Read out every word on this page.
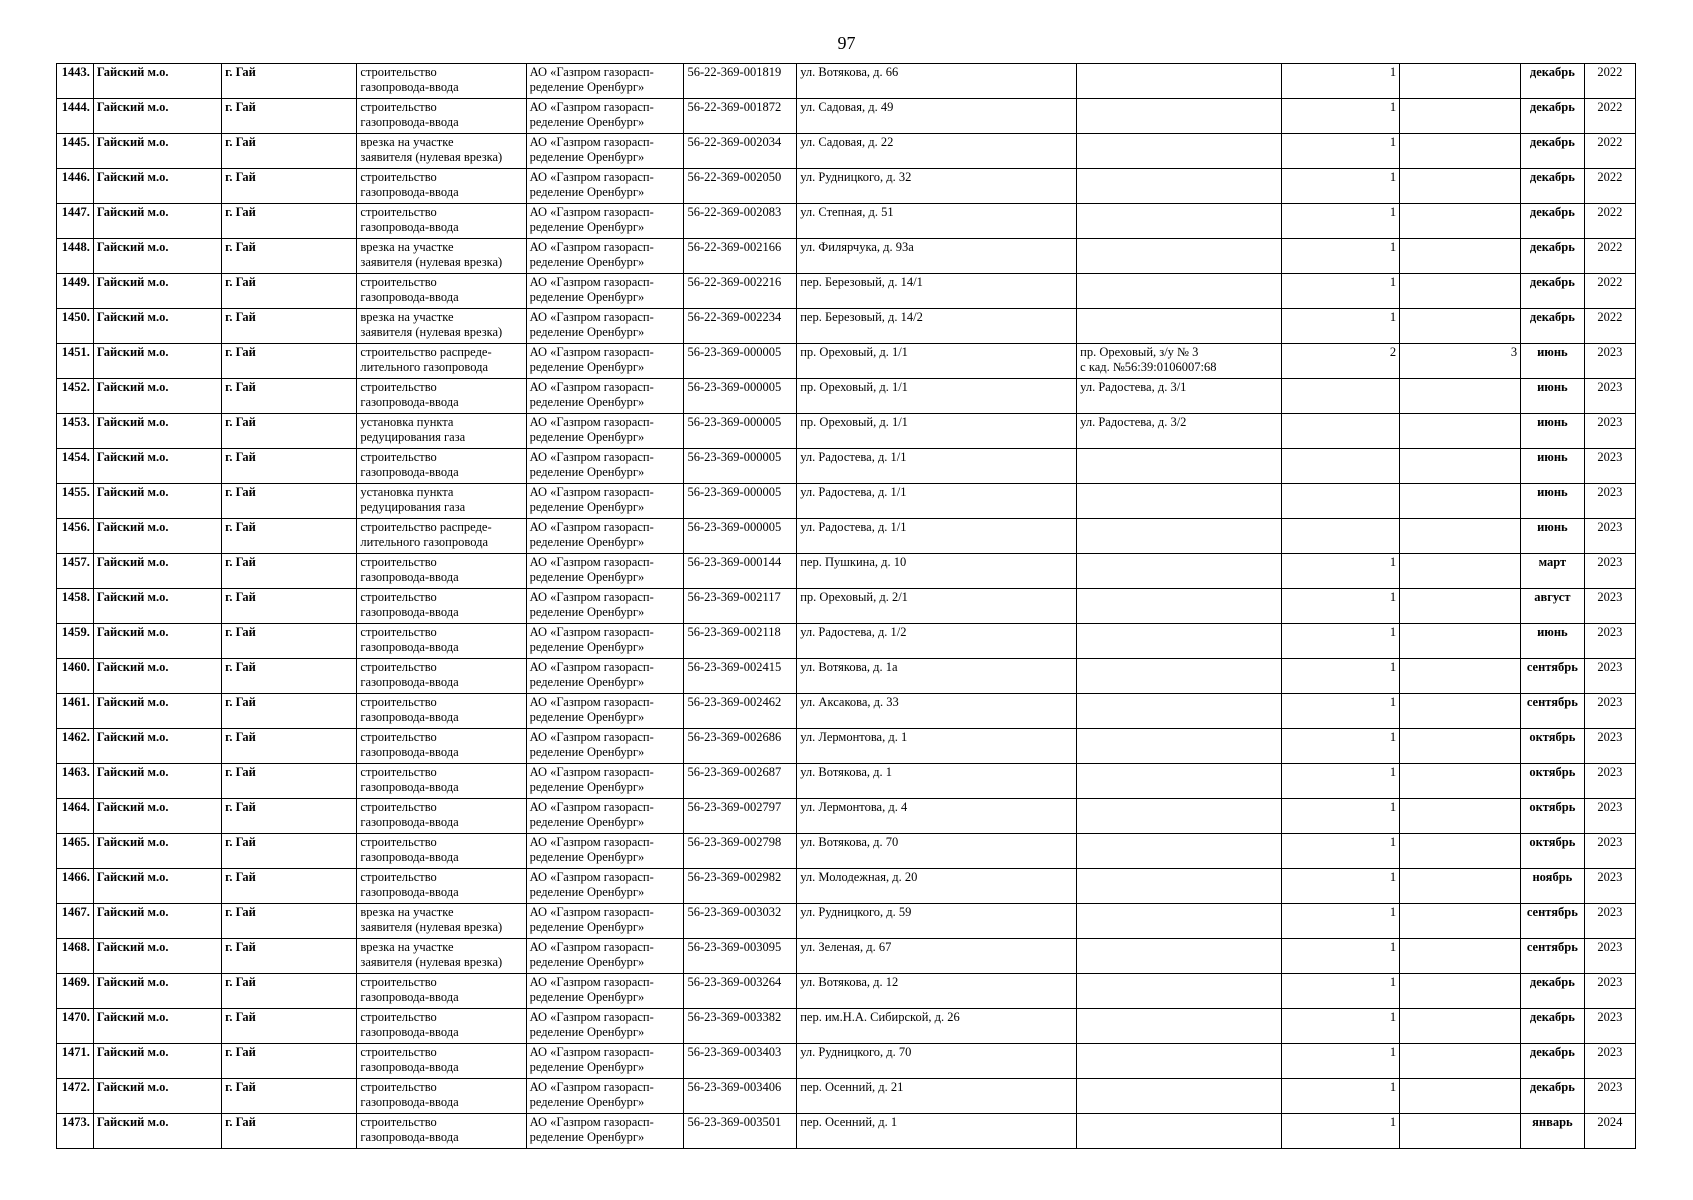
97
1443.	Гайский м.о.	г. Гай	строительство
газопровода-ввода	АО «Газпром газорасп-
ределение Оренбург»	56-22-369-001819	ул. Вотякова, д. 66		1		декабрь	2022
1444.	Гайский м.о.	г. Гай	строительство
газопровода-ввода	АО «Газпром газорасп-
ределение Оренбург»	56-22-369-001872	ул. Садовая, д. 49		1		декабрь	2022
1445.	Гайский м.о.	г. Гай	врезка на участке
заявителя (нулевая врезка)	АО «Газпром газорасп-
ределение Оренбург»	56-22-369-002034	ул. Садовая, д. 22		1		декабрь	2022
1446.	Гайский м.о.	г. Гай	строительство
газопровода-ввода	АО «Газпром газорасп-
ределение Оренбург»	56-22-369-002050	ул. Рудницкого, д. 32		1		декабрь	2022
1447.	Гайский м.о.	г. Гай	строительство
газопровода-ввода	АО «Газпром газорасп-
ределение Оренбург»	56-22-369-002083	ул. Степная, д. 51		1		декабрь	2022
1448.	Гайский м.о.	г. Гай	врезка на участке
заявителя (нулевая врезка)	АО «Газпром газорасп-
ределение Оренбург»	56-22-369-002166	ул. Филярчука, д. 93а		1		декабрь	2022
1449.	Гайский м.о.	г. Гай	строительство
газопровода-ввода	АО «Газпром газорасп-
ределение Оренбург»	56-22-369-002216	пер. Березовый, д. 14/1		1		декабрь	2022
1450.	Гайский м.о.	г. Гай	врезка на участке
заявителя (нулевая врезка)	АО «Газпром газорасп-
ределение Оренбург»	56-22-369-002234	пер. Березовый, д. 14/2		1		декабрь	2022
1451.	Гайский м.о.	г. Гай	строительство распреде-
лительного газопровода	АО «Газпром газорасп-
ределение Оренбург»	56-23-369-000005	пр. Ореховый, д. 1/1	пр. Ореховый, з/у № 3
с кад. №56:39:0106007:68	2	3	июнь	2023
1452.	Гайский м.о.	г. Гай	строительство
газопровода-ввода	АО «Газпром газорасп-
ределение Оренбург»	56-23-369-000005	пр. Ореховый, д. 1/1	ул. Радостева, д. 3/1			июнь	2023
1453.	Гайский м.о.	г. Гай	установка пункта
редуцирования газа	АО «Газпром газорасп-
ределение Оренбург»	56-23-369-000005	пр. Ореховый, д. 1/1	ул. Радостева, д. 3/2			июнь	2023
1454.	Гайский м.о.	г. Гай	строительство
газопровода-ввода	АО «Газпром газорасп-
ределение Оренбург»	56-23-369-000005	ул. Радостева, д. 1/1				июнь	2023
1455.	Гайский м.о.	г. Гай	установка пункта
редуцирования газа	АО «Газпром газорасп-
ределение Оренбург»	56-23-369-000005	ул. Радостева, д. 1/1				июнь	2023
1456.	Гайский м.о.	г. Гай	строительство распреде-
лительного газопровода	АО «Газпром газорасп-
ределение Оренбург»	56-23-369-000005	ул. Радостева, д. 1/1				июнь	2023
1457.	Гайский м.о.	г. Гай	строительство
газопровода-ввода	АО «Газпром газорасп-
ределение Оренбург»	56-23-369-000144	пер. Пушкина, д. 10		1		март	2023
1458.	Гайский м.о.	г. Гай	строительство
газопровода-ввода	АО «Газпром газорасп-
ределение Оренбург»	56-23-369-002117	пр. Ореховый, д. 2/1		1		август	2023
1459.	Гайский м.о.	г. Гай	строительство
газопровода-ввода	АО «Газпром газорасп-
ределение Оренбург»	56-23-369-002118	ул. Радостева, д. 1/2		1		июнь	2023
1460.	Гайский м.о.	г. Гай	строительство
газопровода-ввода	АО «Газпром газорасп-
ределение Оренбург»	56-23-369-002415	ул. Вотякова, д. 1а		1		сентябрь	2023
1461.	Гайский м.о.	г. Гай	строительство
газопровода-ввода	АО «Газпром газорасп-
ределение Оренбург»	56-23-369-002462	ул. Аксакова, д. 33		1		сентябрь	2023
1462.	Гайский м.о.	г. Гай	строительство
газопровода-ввода	АО «Газпром газорасп-
ределение Оренбург»	56-23-369-002686	ул. Лермонтова, д. 1		1		октябрь	2023
1463.	Гайский м.о.	г. Гай	строительство
газопровода-ввода	АО «Газпром газорасп-
ределение Оренбург»	56-23-369-002687	ул. Вотякова, д. 1		1		октябрь	2023
1464.	Гайский м.о.	г. Гай	строительство
газопровода-ввода	АО «Газпром газорасп-
ределение Оренбург»	56-23-369-002797	ул. Лермонтова, д. 4		1		октябрь	2023
1465.	Гайский м.о.	г. Гай	строительство
газопровода-ввода	АО «Газпром газорасп-
ределение Оренбург»	56-23-369-002798	ул. Вотякова, д. 70		1		октябрь	2023
1466.	Гайский м.о.	г. Гай	строительство
газопровода-ввода	АО «Газпром газорасп-
ределение Оренбург»	56-23-369-002982	ул. Молодежная, д. 20		1		ноябрь	2023
1467.	Гайский м.о.	г. Гай	врезка на участке
заявителя (нулевая врезка)	АО «Газпром газорасп-
ределение Оренбург»	56-23-369-003032	ул. Рудницкого, д. 59		1		сентябрь	2023
1468.	Гайский м.о.	г. Гай	врезка на участке
заявителя (нулевая врезка)	АО «Газпром газорасп-
ределение Оренбург»	56-23-369-003095	ул. Зеленая, д. 67		1		сентябрь	2023
1469.	Гайский м.о.	г. Гай	строительство
газопровода-ввода	АО «Газпром газорасп-
ределение Оренбург»	56-23-369-003264	ул. Вотякова, д. 12		1		декабрь	2023
1470.	Гайский м.о.	г. Гай	строительство
газопровода-ввода	АО «Газпром газорасп-
ределение Оренбург»	56-23-369-003382	пер. им.Н.А. Сибирской, д. 26		1		декабрь	2023
1471.	Гайский м.о.	г. Гай	строительство
газопровода-ввода	АО «Газпром газорасп-
ределение Оренбург»	56-23-369-003403	ул. Рудницкого, д. 70		1		декабрь	2023
1472.	Гайский м.о.	г. Гай	строительство
газопровода-ввода	АО «Газпром газорасп-
ределение Оренбург»	56-23-369-003406	пер. Осенний, д. 21		1		декабрь	2023
1473.	Гайский м.о.	г. Гай	строительство
газопровода-ввода	АО «Газпром газорасп-
ределение Оренбург»	56-23-369-003501	пер. Осенний, д. 1		1		январь	2024
